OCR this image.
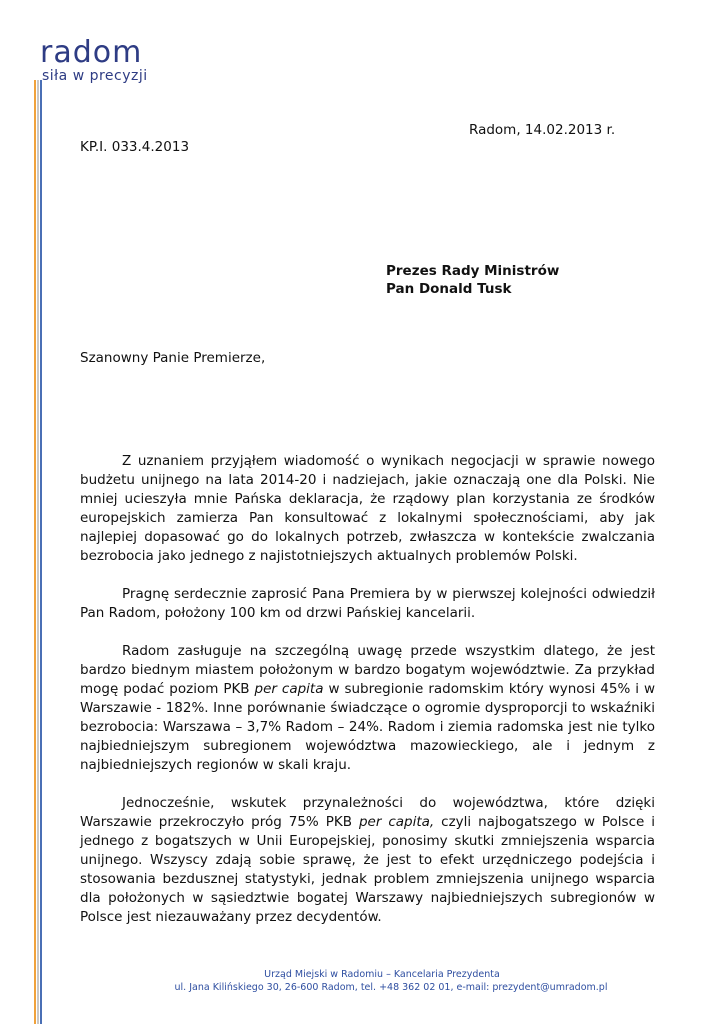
radom
siła w precyzji
Radom, 14.02.2013 r.
KP.I. 033.4.2013
Prezes Rady Ministrów
Pan Donald Tusk
Szanowny Panie Premierze,

Z uznaniem przyjąłem wiadomość o wynikach negocjacji w sprawie nowego budżetu unijnego na lata 2014-20 i nadziejach, jakie oznaczają one dla Polski. Nie mniej ucieszyła mnie Pańska deklaracja, że rządowy plan korzystania ze środków europejskich zamierza Pan konsultować z lokalnymi społecznościami, aby jak najlepiej dopasować go do lokalnych potrzeb, zwłaszcza w kontekście zwalczania bezrobocia jako jednego z najistotniejszych aktualnych problemów Polski.

Pragnę serdecznie zaprosić Pana Premiera by w pierwszej kolejności odwiedził Pan Radom, położony 100 km od drzwi Pańskiej kancelarii.

Radom zasługuje na szczególną uwagę przede wszystkim dlatego, że jest bardzo biednym miastem położonym w bardzo bogatym województwie. Za przykład mogę podać poziom PKB per capita w subregionie radomskim który wynosi 45% i w Warszawie - 182%. Inne porównanie świadczące o ogromie dysproporcji to wskaźniki bezrobocia: Warszawa – 3,7% Radom – 24%. Radom i ziemia radomska jest nie tylko najbiedniejszym subregionem województwa mazowieckiego, ale i jednym z najbiedniejszych regionów w skali kraju.

Jednocześnie, wskutek przynależności do województwa, które dzięki Warszawie przekroczyło próg 75% PKB per capita, czyli najbogatszego w Polsce i jednego z bogatszych w Unii Europejskiej, ponosimy skutki zmniejszenia wsparcia unijnego. Wszyscy zdają sobie sprawę, że jest to efekt urzędniczego podejścia i stosowania bezdusznej statystyki, jednak problem zmniejszenia unijnego wsparcia dla położonych w sąsiedztwie bogatej Warszawy najbiedniejszych subregionów w Polsce jest niezauważany przez decydentów.

Urząd Miejski w Radomiu – Kancelaria Prezydenta
ul. Jana Kilińskiego 30, 26-600 Radom, tel. +48 362 02 01, e-mail: prezydent@umradom.pl
